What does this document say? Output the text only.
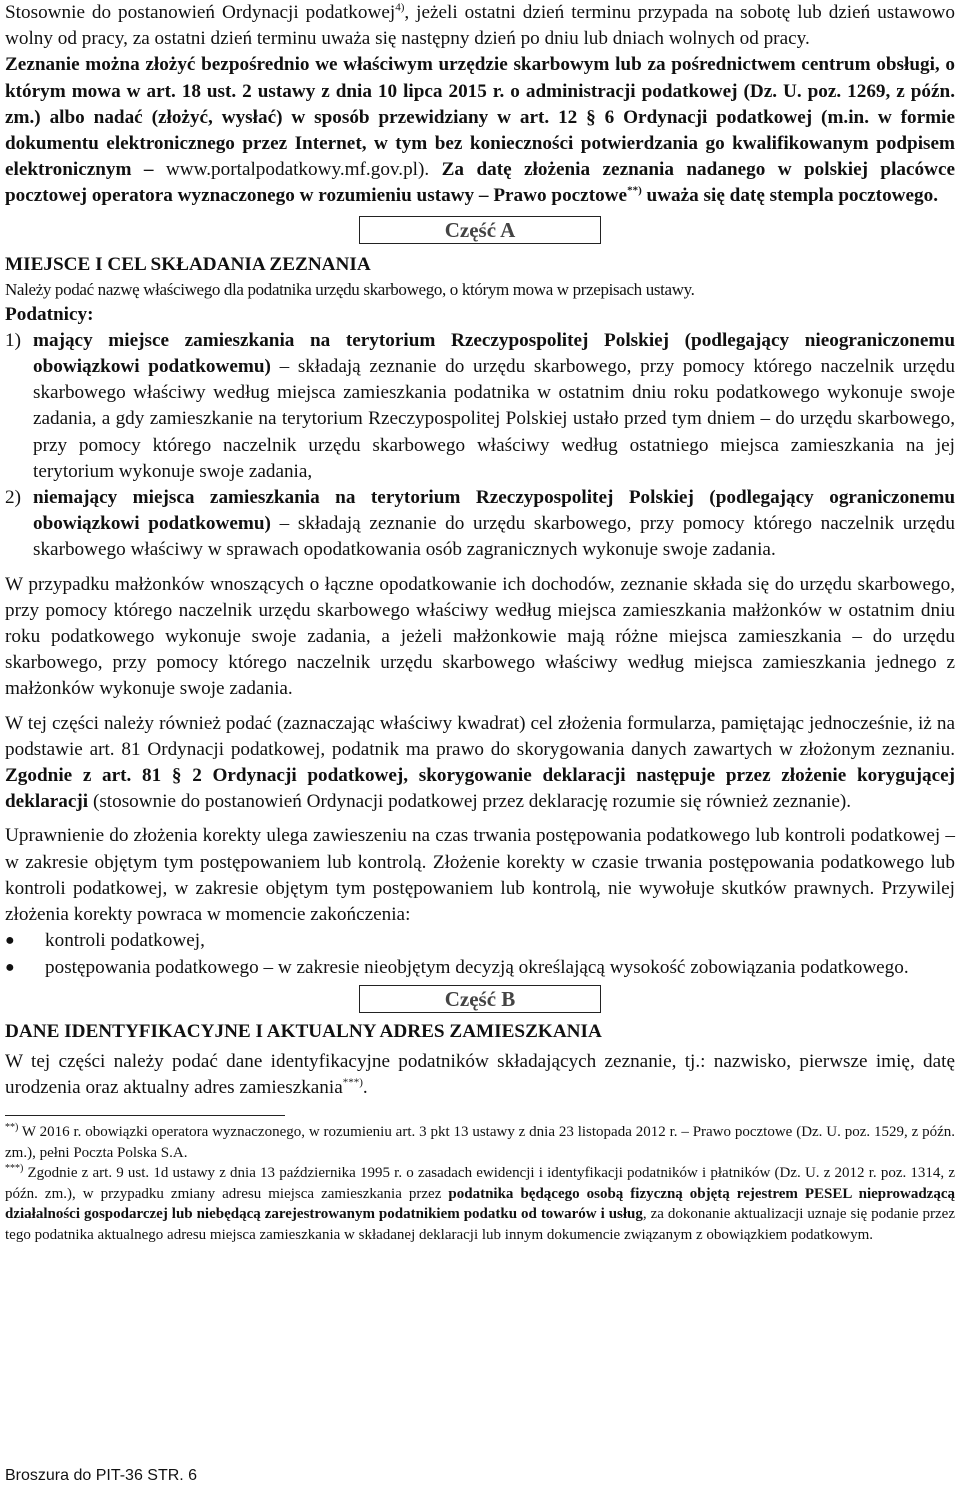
Stosownie do postanowień Ordynacji podatkowej$^{4)}$, jeżeli ostatni dzień terminu przypada na sobotę lub dzień ustawowo wolny od pracy, za ostatni dzień terminu uważa się następny dzień po dniu lub dniach wolnych od pracy.

Zeznanie można złożyć bezpośrednio we właściwym urzędzie skarbowym lub za pośrednictwem centrum obsługi, o którym mowa w art. 18 ust. 2 ustawy z dnia 10 lipca 2015 r. o administracji podatkowej (Dz. U. poz. 1269, z późn. zm.) albo nadać (złożyć, wysłać) w sposób przewidziany w art. 12 § 6 Ordynacji podatkowej (m.in. w formie dokumentu elektronicznego przez Internet, w tym bez konieczności potwierdzania go kwalifikowanym podpisem elektronicznym – www.portalpodatkowy.mf.gov.pl). Za datę złożenia zeznania nadanego w polskiej placówce pocztowej operatora wyznaczonego w rozumieniu ustawy – Prawo pocztowe**) uważa się datę stempla pocztowego.

Część A
MIEJSCE I CEL SKŁADANIA ZEZNANIA

Należy podać nazwę właściwego dla podatnika urzędu skarbowego, o którym mowa w przepisach ustawy.

Podatnicy:

1) mający miejsce zamieszkania na terytorium Rzeczypospolitej Polskiej (podlegający nieograniczonemu obowiązkowi podatkowemu) – składają zeznanie do urzędu skarbowego, przy pomocy którego naczelnik urzędu skarbowego właściwy według miejsca zamieszkania podatnika w ostatnim dniu roku podatkowego wykonuje swoje zadania, a gdy zamieszkanie na terytorium Rzeczypospolitej Polskiej ustało przed tym dniem – do urzędu skarbowego, przy pomocy którego naczelnik urzędu skarbowego właściwy według ostatniego miejsca zamieszkania na jej terytorium wykonuje swoje zadania,
2) niemający miejsca zamieszkania na terytorium Rzeczypospolitej Polskiej (podlegający ograniczonemu obowiązkowi podatkowemu) – składają zeznanie do urzędu skarbowego, przy pomocy którego naczelnik urzędu skarbowego właściwy w sprawach opodatkowania osób zagranicznych wykonuje swoje zadania.

W przypadku małżonków wnoszących o łączne opodatkowanie ich dochodów, zeznanie składa się do urzędu skarbowego, przy pomocy którego naczelnik urzędu skarbowego właściwy według miejsca zamieszkania małżonków w ostatnim dniu roku podatkowego wykonuje swoje zadania, a jeżeli małżonkowie mają różne miejsca zamieszkania – do urzędu skarbowego, przy pomocy którego naczelnik urzędu skarbowego właściwy według miejsca zamieszkania jednego z małżonków wykonuje swoje zadania.

W tej części należy również podać (zaznaczając właściwy kwadrat) cel złożenia formularza, pamiętając jednocześnie, iż na podstawie art. 81 Ordynacji podatkowej, podatnik ma prawo do skorygowania danych zawartych w złożonym zeznaniu. Zgodnie z art. 81 § 2 Ordynacji podatkowej, skorygowanie deklaracji następuje przez złożenie korygującej deklaracji (stosownie do postanowień Ordynacji podatkowej przez deklarację rozumie się również zeznanie).

Uprawnienie do złożenia korekty ulega zawieszeniu na czas trwania postępowania podatkowego lub kontroli podatkowej – w zakresie objętym tym postępowaniem lub kontrolą. Złożenie korekty w czasie trwania postępowania podatkowego lub kontroli podatkowej, w zakresie objętym tym postępowaniem lub kontrolą, nie wywołuje skutków prawnych. Przywilej złożenia korekty powraca w momencie zakończenia:

●	kontroli podatkowej,
●	postępowania podatkowego – w zakresie nieobjętym decyzją określającą wysokość zobowiązania podatkowego.
Część B
DANE IDENTYFIKACYJNE I AKTUALNY ADRES ZAMIESZKANIA

W tej części należy podać dane identyfikacyjne podatników składających zeznanie, tj.: nazwisko, pierwsze imię, datę urodzenia oraz aktualny adres zamieszkania***).

**) W 2016 r. obowiązki operatora wyznaczonego, w rozumieniu art. 3 pkt 13 ustawy z dnia 23 listopada 2012 r. – Prawo pocztowe (Dz. U. poz. 1529, z późn. zm.), pełni Poczta Polska S.A.

***) Zgodnie z art. 9 ust. 1d ustawy z dnia 13 października 1995 r. o zasadach ewidencji i identyfikacji podatników i płatników (Dz. U. z 2012 r. poz. 1314, z późn. zm.), w przypadku zmiany adresu miejsca zamieszkania przez podatnika będącego osobą fizyczną objętą rejestrem PESEL nieprowadzącą działalności gospodarczej lub niebędącą zarejestrowanym podatnikiem podatku od towarów i usług, za dokonanie aktualizacji uznaje się podanie przez tego podatnika aktualnego adresu miejsca zamieszkania w składanej deklaracji lub innym dokumencie związanym z obowiązkiem podatkowym.

Broszura do PIT-36 STR. 6
